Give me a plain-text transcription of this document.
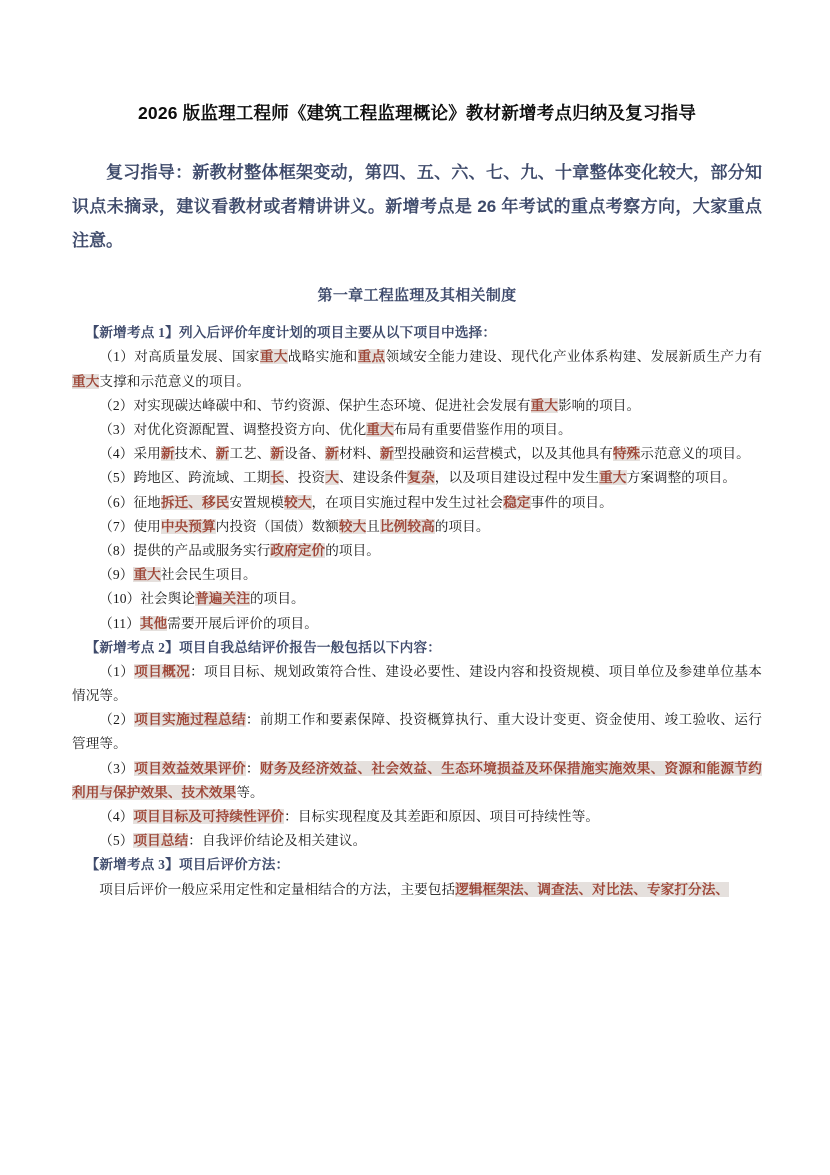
2026 版监理工程师《建筑工程监理概论》教材新增考点归纳及复习指导

复习指导：新教材整体框架变动，第四、五、六、七、九、十章整体变化较大，部分知识点未摘录，建议看教材或者精讲讲义。新增考点是 26 年考试的重点考察方向，大家重点注意。

第一章工程监理及其相关制度

【新增考点 1】列入后评价年度计划的项目主要从以下项目中选择：

（1）对高质量发展、国家重大战略实施和重点领域安全能力建设、现代化产业体系构建、发展新质生产力有重大支撑和示范意义的项目。

（2）对实现碳达峰碳中和、节约资源、保护生态环境、促进社会发展有重大影响的项目。

（3）对优化资源配置、调整投资方向、优化重大布局有重要借鉴作用的项目。

（4）采用新技术、新工艺、新设备、新材料、新型投融资和运营模式，以及其他具有特殊示范意义的项目。

（5）跨地区、跨流域、工期长、投资大、建设条件复杂，以及项目建设过程中发生重大方案调整的项目。

（6）征地拆迁、移民安置规模较大，在项目实施过程中发生过社会稳定事件的项目。

（7）使用中央预算内投资（国债）数额较大且比例较高的项目。

（8）提供的产品或服务实行政府定价的项目。

（9）重大社会民生项目。

（10）社会舆论普遍关注的项目。

（11）其他需要开展后评价的项目。

【新增考点 2】项目自我总结评价报告一般包括以下内容：

（1）项目概况：项目目标、规划政策符合性、建设必要性、建设内容和投资规模、项目单位及参建单位基本情况等。

（2）项目实施过程总结：前期工作和要素保障、投资概算执行、重大设计变更、资金使用、竣工验收、运行管理等。

（3）项目效益效果评价：财务及经济效益、社会效益、生态环境损益及环保措施实施效果、资源和能源节约利用与保护效果、技术效果等。

（4）项目目标及可持续性评价：目标实现程度及其差距和原因、项目可持续性等。

（5）项目总结：自我评价结论及相关建议。

【新增考点 3】项目后评价方法：

项目后评价一般应采用定性和定量相结合的方法，主要包括逻辑框架法、调查法、对比法、专家打分法、
